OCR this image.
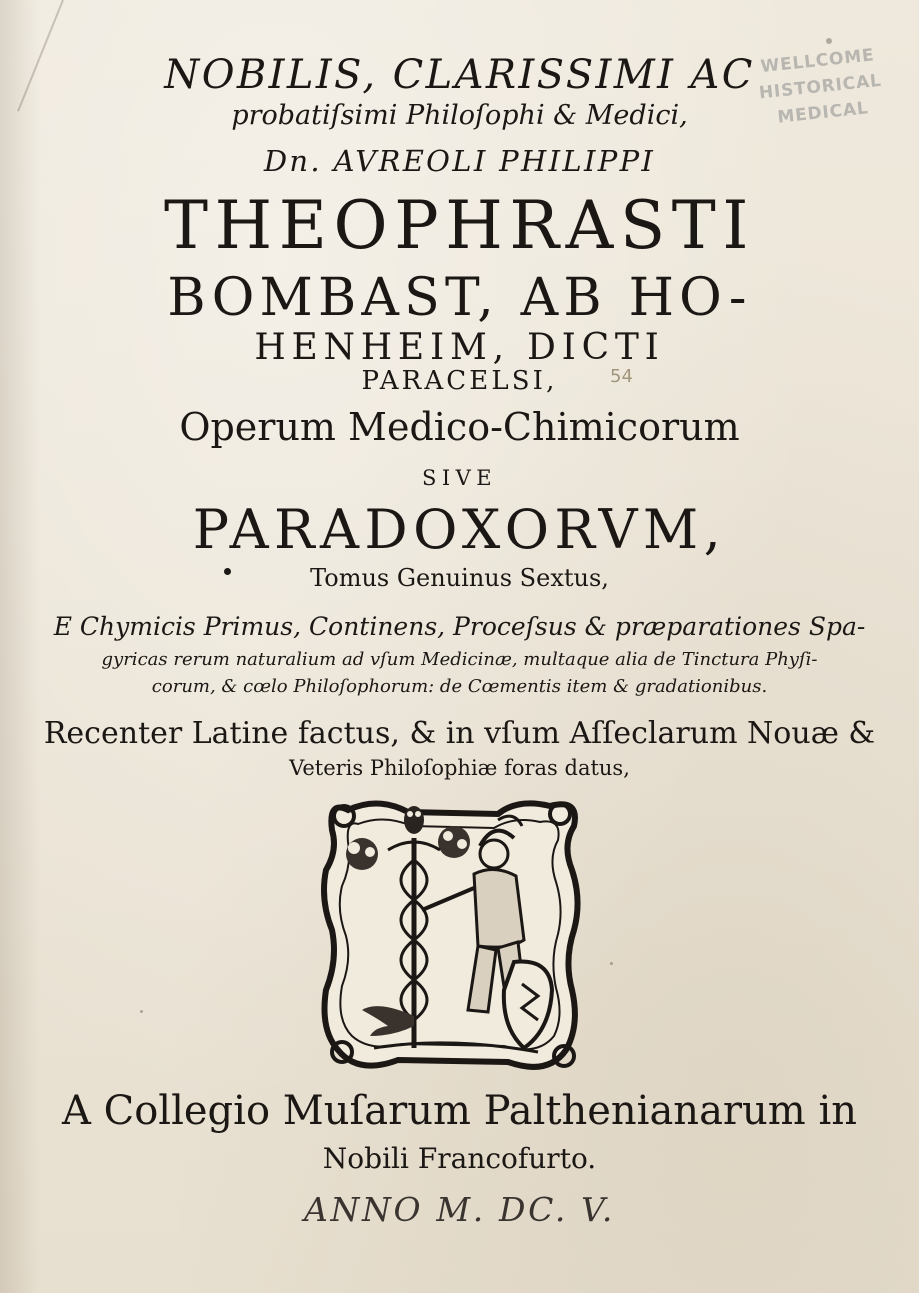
WELLCOME
HISTORICAL
MEDICAL
NOBILIS, CLARISSIMI AC
probatiſsimi Philoſophi & Medici,
Dn. AVREOLI PHILIPPI
THEOPHRASTI
BOMBAST, AB HO-
HENHEIM, DICTI
PARACELSI,	54
Operum Medico-Chimicorum
SIVE
PARADOXORVM,
Tomus Genuinus Sextus,
E Chymicis Primus, Continens, Proceſsus & præparationes Spa-
gyricas rerum naturalium ad vſum Medicinæ, multaque alia de Tinctura Phyſi-
corum, & cœlo Philoſophorum: de Cœmentis item & gradationibus.
Recenter Latine factus, & in vſum Aſſeclarum Nouæ &
Veteris Philoſophiæ foras datus,
A Collegio Muſarum Palthenianarum in
Nobili Francofurto.
ANNO M. DC. V.
